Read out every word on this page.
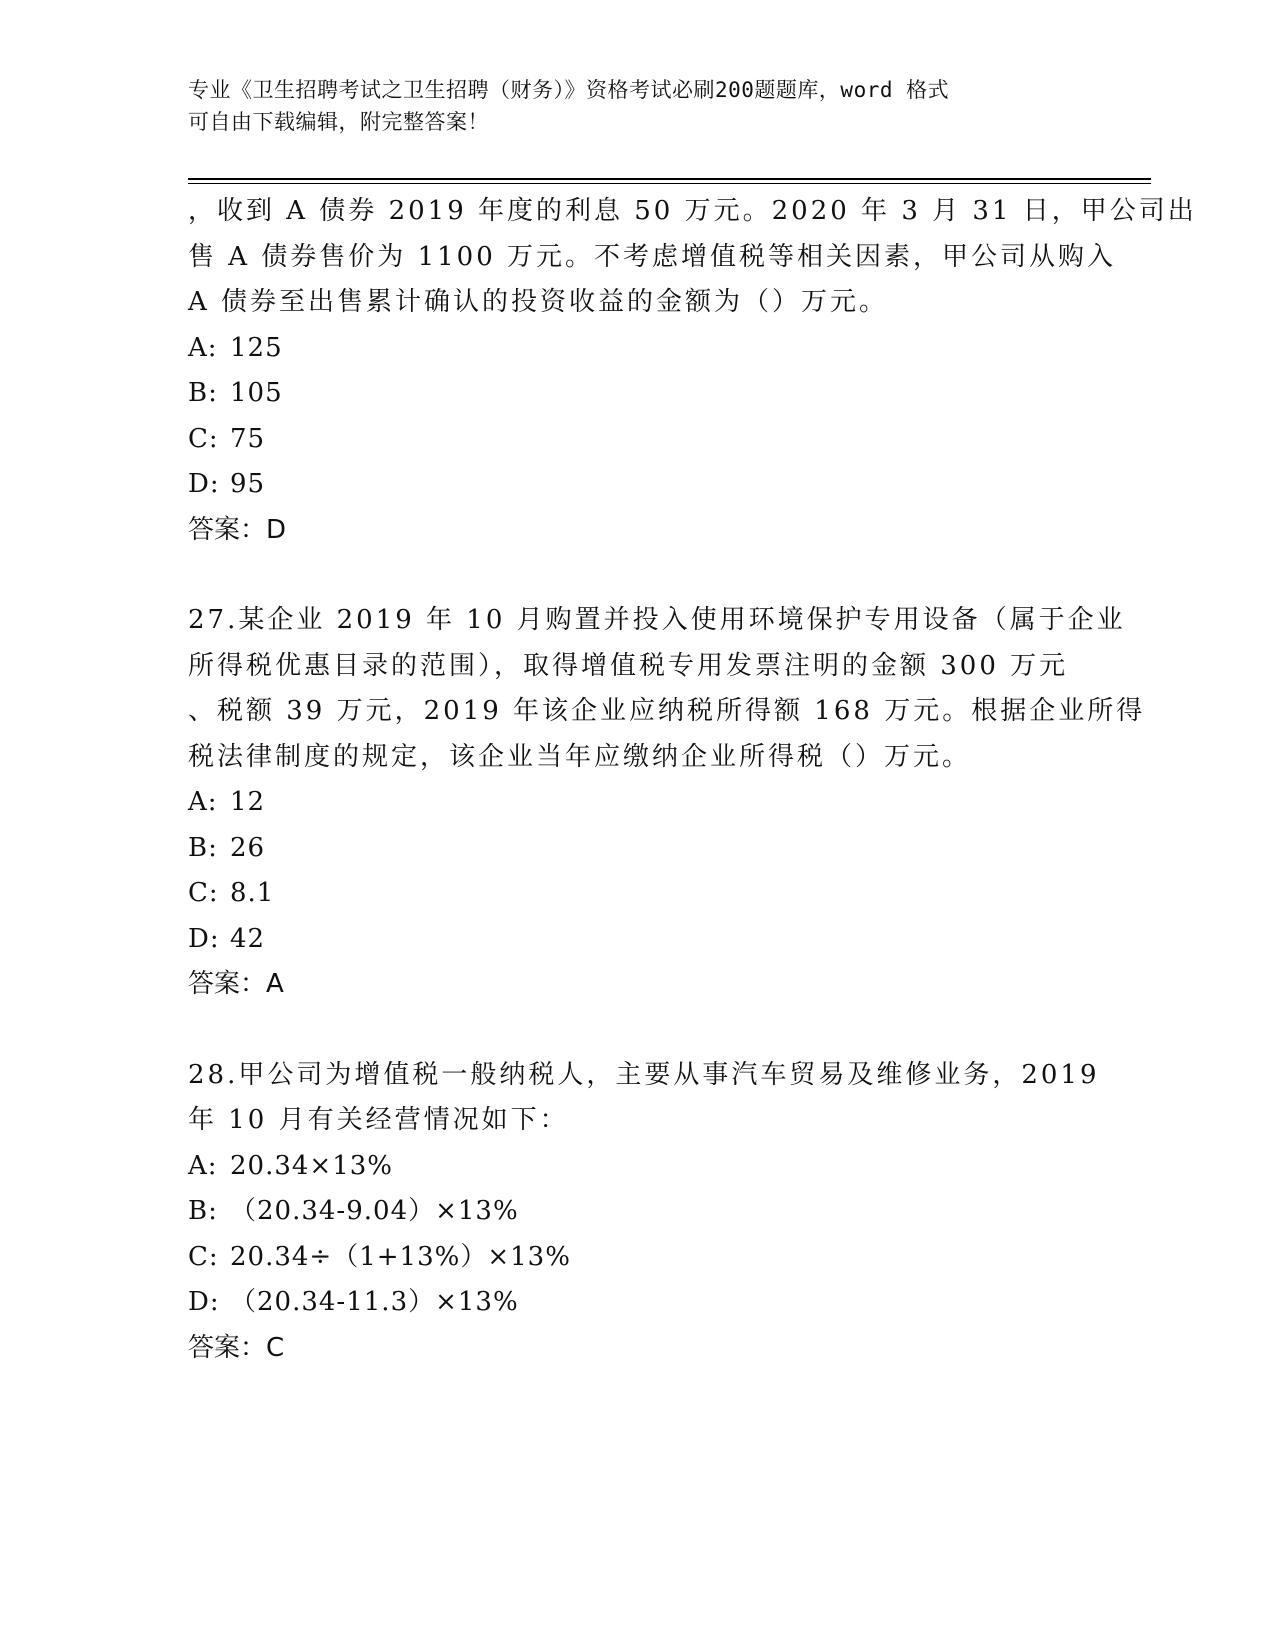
专业《卫生招聘考试之卫生招聘（财务）》资格考试必刷200题题库，word 格式
可自由下载编辑，附完整答案！
，收到 A 债券 2019 年度的利息 50 万元。2020 年 3 月 31 日，甲公司出
售 A 债券售价为 1100 万元。不考虑增值税等相关因素，甲公司从购入
A 债券至出售累计确认的投资收益的金额为（）万元。
A: 125
B: 105
C: 75
D: 95
答案：D
27.某企业 2019 年 10 月购置并投入使用环境保护专用设备（属于企业
所得税优惠目录的范围），取得增值税专用发票注明的金额 300 万元
、税额 39 万元，2019 年该企业应纳税所得额 168 万元。根据企业所得
税法律制度的规定，该企业当年应缴纳企业所得税（）万元。
A: 12
B: 26
C: 8.1
D: 42
答案：A
28.甲公司为增值税一般纳税人，主要从事汽车贸易及维修业务，2019
年 10 月有关经营情况如下：
A: 20.34×13%
B: （20.34-9.04）×13%
C: 20.34÷（1+13%）×13%
D: （20.34-11.3）×13%
答案：C
